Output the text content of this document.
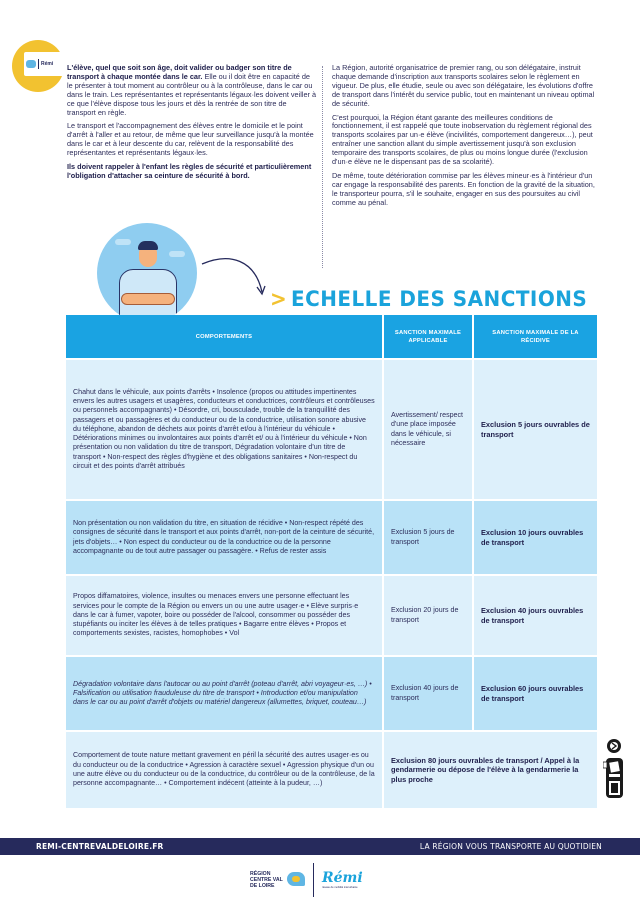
Rémi L'élève, quel que soit son âge, doit valider ou badger son titre de transport à chaque montée dans le car. Elle ou il doit être en capacité de le présenter à tout moment au contrôleur ou à la contrôleuse, dans le car ou dans le train. Les représentantes et représentants légaux·les doivent veiller à ce que l'élève dispose tous les jours et dès la rentrée de son titre de transport en règle.

Le transport et l'accompagnement des élèves entre le domicile et le point d'arrêt à l'aller et au retour, de même que leur surveillance jusqu'à la montée dans le car et à leur descente du car, relèvent de la responsabilité des représentantes et représentants légaux·les.

Ils doivent rappeler à l'enfant les règles de sécurité et particulièrement l'obligation d'attacher sa ceinture de sécurité à bord.

La Région, autorité organisatrice de premier rang, ou son délégataire, instruit chaque demande d'inscription aux transports scolaires selon le règlement en vigueur. De plus, elle étudie, seule ou avec son délégataire, les évolutions d'offre de transport dans l'intérêt du service public, tout en maintenant un niveau optimal de sécurité.

C'est pourquoi, la Région étant garante des meilleures conditions de fonctionnement, il est rappelé que toute inobservation du règlement régional des transports scolaires par un·e élève (incivilités, comportement dangereux…), peut entraîner une sanction allant du simple avertissement jusqu'à son exclusion temporaire des transports scolaires, de plus ou moins longue durée (l'exclusion d'un·e élève ne le dispensant pas de sa scolarité).

De même, toute détérioration commise par les élèves mineur·es à l'intérieur d'un car engage la responsabilité des parents. En fonction de la gravité de la situation, le transporteur pourra, s'il le souhaite, engager en sus des poursuites au civil comme au pénal.

> ECHELLE DES SANCTIONS
COMPORTEMENTS
SANCTION MAXIMALE APPLICABLE
SANCTION MAXIMALE DE LA RÉCIDIVE
Chahut dans le véhicule, aux points d'arrêts • Insolence (propos ou attitudes impertinentes envers les autres usagers et usagères, conducteurs et conductrices, contrôleurs et contrôleuses ou personnels accompagnants) • Désordre, cri, bousculade, trouble de la tranquillité des passagers et ou passagères et du conducteur ou de la conductrice, utilisation sonore abusive du téléphone, abandon de déchets aux points d'arrêt et/ou à l'intérieur du véhicule • Détériorations minimes ou involontaires aux points d'arrêt et/ ou à l'intérieur du véhicule • Non présentation ou non validation du titre de transport, Dégradation volontaire d'un titre de transport • Non-respect des règles d'hygiène et des obligations sanitaires • Non-respect du circuit et des points d'arrêt attribués
Avertissement/ respect d'une place imposée dans le véhicule, si nécessaire
Exclusion 5 jours ouvrables de transport
Non présentation ou non validation du titre, en situation de récidive • Non-respect répété des consignes de sécurité dans le transport et aux points d'arrêt, non-port de la ceinture de sécurité, jets d'objets… • Non espect du conducteur ou de la conductrice ou de la personne accompagnante ou de tout autre passager ou passagère. • Refus de rester assis
Exclusion 5 jours de transport
Exclusion 10 jours ouvrables de transport
Propos diffamatoires, violence, insultes ou menaces envers une personne effectuant les services pour le compte de la Région ou envers un ou une autre usager·e • Elève surpris·e dans le car à fumer, vapoter, boire ou posséder de l'alcool, consommer ou posséder des stupéfiants ou inciter les élèves à de telles pratiques • Bagarre entre élèves • Propos et comportements sexistes, racistes, homophobes • Vol
Exclusion 20 jours de transport
Exclusion 40 jours ouvrables de transport
Dégradation volontaire dans l'autocar ou au point d'arrêt (poteau d'arrêt, abri voyageur·es, …) • Falsification ou utilisation frauduleuse du titre de transport • Introduction et/ou manipulation dans le car ou au point d'arrêt d'objets ou matériel dangereux (allumettes, briquet, couteau…)
Exclusion 40 jours de transport
Exclusion 60 jours ouvrables de transport
Comportement de toute nature mettant gravement en péril la sécurité des autres usager·es ou du conducteur ou de la conductrice • Agression à caractère sexuel • Agression physique d'un ou une autre élève ou du conducteur ou de la conductrice, du contrôleur ou de la contrôleuse, de la personne accompagnante… • Comportement indécent (atteinte à la pudeur, …)
Exclusion 80 jours ouvrables de transport / Appel à la gendarmerie ou dépose de l'élève à la gendarmerie la plus proche
REMI-CENTREVALDELOIRE.FR	LA RÉGION VOUS TRANSPORTE AU QUOTIDIEN
RÉGION CENTRE VAL DE LOIRE	Rémi
réseau de mobilité interurbaine
